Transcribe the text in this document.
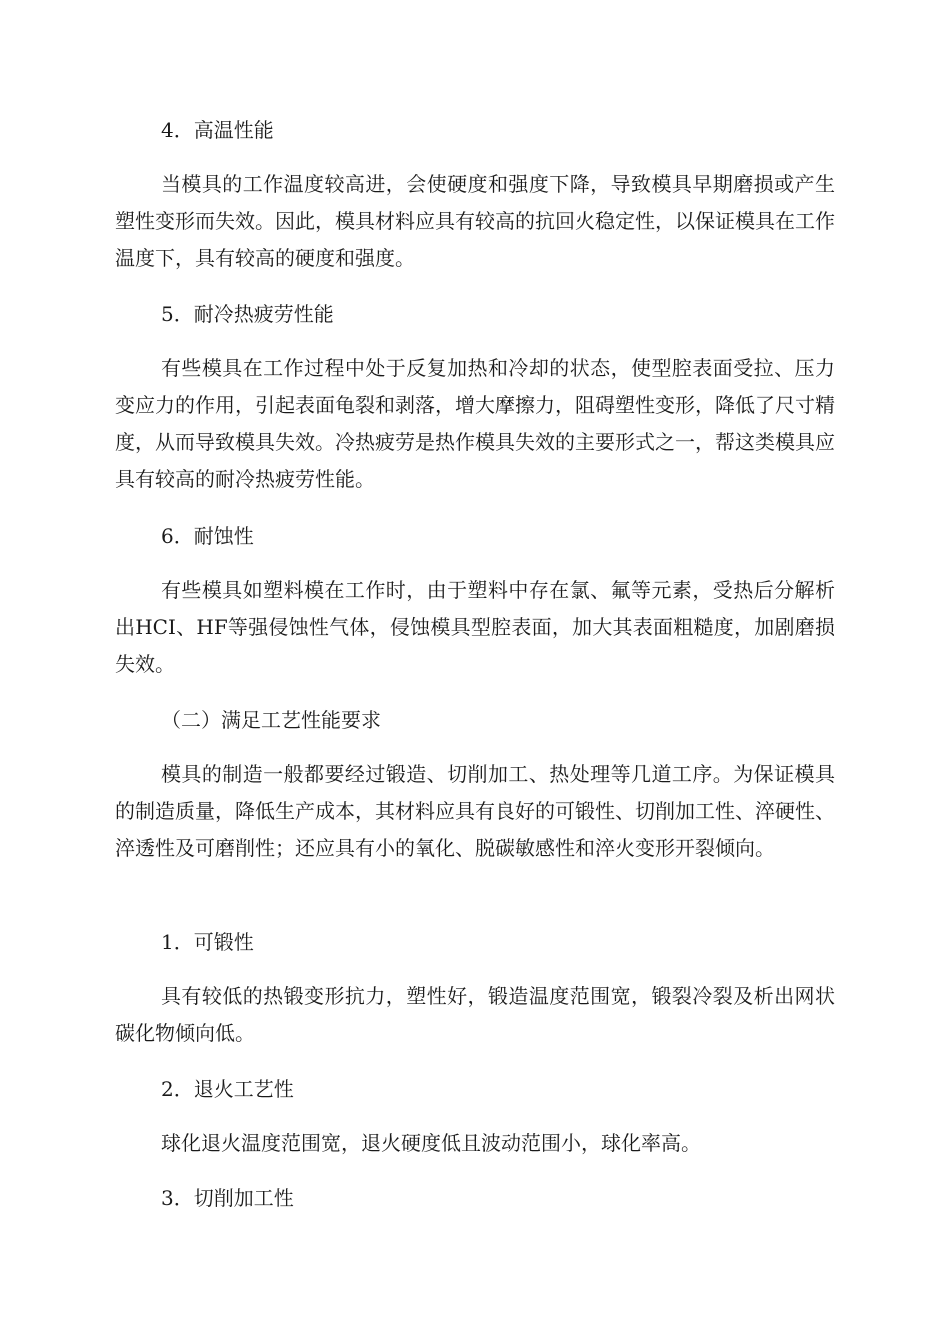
4．高温性能

当模具的工作温度较高进，会使硬度和强度下降，导致模具早期磨损或产生塑性变形而失效。因此，模具材料应具有较高的抗回火稳定性，以保证模具在工作温度下，具有较高的硬度和强度。

5．耐冷热疲劳性能

有些模具在工作过程中处于反复加热和冷却的状态，使型腔表面受拉、压力变应力的作用，引起表面龟裂和剥落，增大摩擦力，阻碍塑性变形，降低了尺寸精度，从而导致模具失效。冷热疲劳是热作模具失效的主要形式之一，帮这类模具应具有较高的耐冷热疲劳性能。

6．耐蚀性

有些模具如塑料模在工作时，由于塑料中存在氯、氟等元素，受热后分解析出HCI、HF等强侵蚀性气体，侵蚀模具型腔表面，加大其表面粗糙度，加剧磨损失效。

（二）满足工艺性能要求

模具的制造一般都要经过锻造、切削加工、热处理等几道工序。为保证模具的制造质量，降低生产成本，其材料应具有良好的可锻性、切削加工性、淬硬性、淬透性及可磨削性；还应具有小的氧化、脱碳敏感性和淬火变形开裂倾向。

1．可锻性

具有较低的热锻变形抗力，塑性好，锻造温度范围宽，锻裂冷裂及析出网状碳化物倾向低。

2．退火工艺性

球化退火温度范围宽，退火硬度低且波动范围小，球化率高。

3．切削加工性
